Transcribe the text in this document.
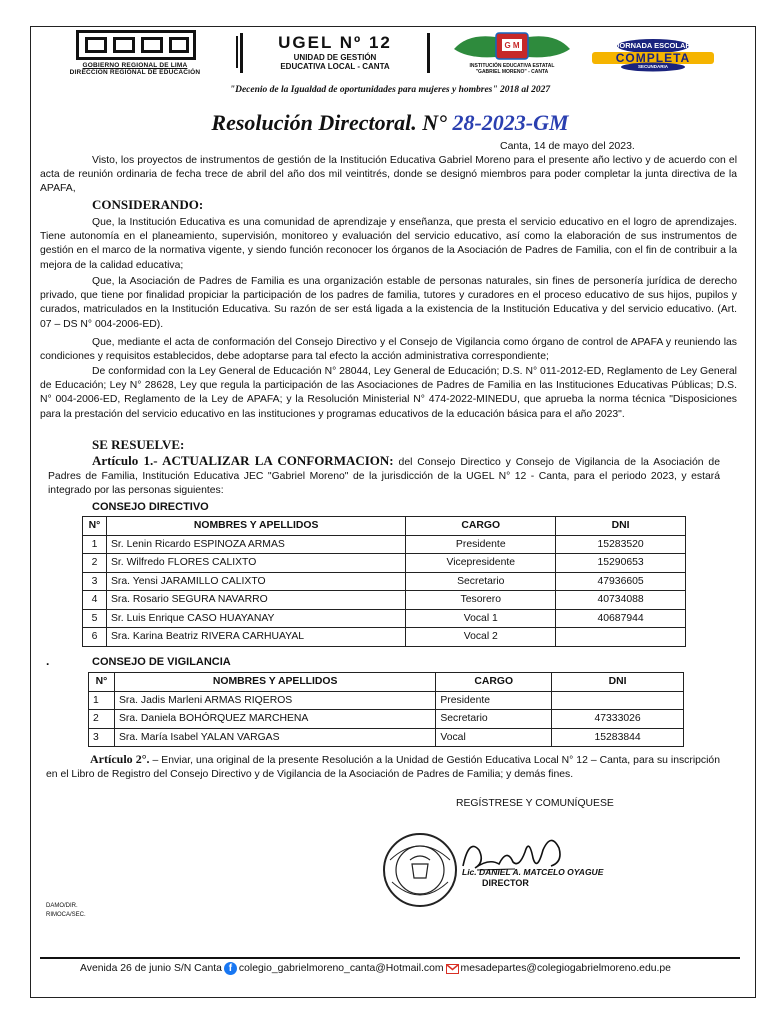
GOBIERNO REGIONAL DE LIMA
DIRECCIÓN REGIONAL DE EDUCACIÓN
UGEL Nº 12
UNIDAD DE GESTIÓN
EDUCATIVA LOCAL - CANTA
G M
INSTITUCIÓN EDUCATIVA ESTATAL
"GABRIEL MORENO" - CANTA
JORNADA ESCOLAR
COMPLETA
SECUNDARIA
"Decenio de la Igualdad de oportunidades para mujeres y hombres" 2018 al 2027
Resolución Directoral. N° 28-2023-GM
Canta, 14 de mayo del 2023.
Visto, los proyectos de instrumentos de gestión de la Institución Educativa Gabriel Moreno para el presente año lectivo y de acuerdo con el acta de reunión ordinaria de fecha trece de abril del año dos mil veintitrés, donde se designó miembros para poder completar la junta directiva de la APAFA,
CONSIDERANDO:
Que, la Institución Educativa es una comunidad de aprendizaje y enseñanza, que presta el servicio educativo en el logro de aprendizajes. Tiene autonomía en el planeamiento, supervisión, monitoreo y evaluación del servicio educativo, así como la elaboración de sus instrumentos de gestión en el marco de la normativa vigente, y siendo función reconocer los órganos de la Asociación de Padres de Familia, con el fin de contribuir a la mejora de la calidad educativa;
Que, la Asociación de Padres de Familia es una organización estable de personas naturales, sin fines de personería jurídica de derecho privado, que tiene por finalidad propiciar la participación de los padres de familia, tutores y curadores en el proceso educativo de sus hijos, pupilos y curados, matriculados en la Institución Educativa. Su razón de ser está ligada a la existencia de la Institución Educativa y del servicio educativo. (Art. 07 – DS N° 004-2006-ED).
Que, mediante el acta de conformación del Consejo Directivo y el Consejo de Vigilancia como órgano de control de APAFA y reuniendo las condiciones y requisitos establecidos, debe adoptarse para tal efecto la acción administrativa correspondiente;
De conformidad con la Ley General de Educación N° 28044, Ley General de Educación; D.S. N° 011-2012-ED, Reglamento de Ley General de Educación; Ley N° 28628, Ley que regula la participación de las Asociaciones de Padres de Familia en las Instituciones Educativas Públicas; D.S. N° 004-2006-ED, Reglamento de la Ley de APAFA; y la Resolución Ministerial N° 474-2022-MINEDU, que aprueba la norma técnica "Disposiciones para la prestación del servicio educativo en las instituciones y programas educativos de la educación básica para el año 2023".
SE RESUELVE:
Artículo 1.- ACTUALIZAR LA CONFORMACION: del Consejo Directico y Consejo de Vigilancia de la Asociación de Padres de Familia, Institución Educativa JEC "Gabriel Moreno" de la jurisdicción de la UGEL N° 12 - Canta, para el periodo 2023, y estará integrado por las personas siguientes:
CONSEJO DIRECTIVO
N°	NOMBRES Y APELLIDOS	CARGO	DNI
1	Sr. Lenin Ricardo ESPINOZA ARMAS	Presidente	15283520
2	Sr. Wilfredo FLORES CALIXTO	Vicepresidente	15290653
3	Sra. Yensi JARAMILLO CALIXTO	Secretario	47936605
4	Sra. Rosario SEGURA NAVARRO	Tesorero	40734088
5	Sr. Luis Enrique CASO HUAYANAY	Vocal 1	40687944
6	Sra. Karina Beatriz RIVERA CARHUAYAL	Vocal 2	
.	CONSEJO DE VIGILANCIA
N°	NOMBRES Y APELLIDOS	CARGO	DNI
1	Sra. Jadis Marleni ARMAS RIQEROS	Presidente	
2	Sra. Daniela BOHÓRQUEZ MARCHENA	Secretario	47333026
3	Sra. María Isabel YALAN VARGAS	Vocal	15283844
Artículo 2°. – Enviar, una original de la presente Resolución a la Unidad de Gestión Educativa Local N° 12 – Canta, para su inscripción en el Libro de Registro del Consejo Directivo y de Vigilancia de la Asociación de Padres de Familia; y demás fines.
REGÍSTRESE Y COMUNÍQUESE
Lic. DANIEL A. MATCELO OYAGUE
DIRECTOR
DAMO/DIR.
RIMOCA/SEC.
Avenida 26 de junio S/N Canta f colegio_gabrielmoreno_canta@Hotmail.com mesadepartes@colegiogabrielmoreno.edu.pe
